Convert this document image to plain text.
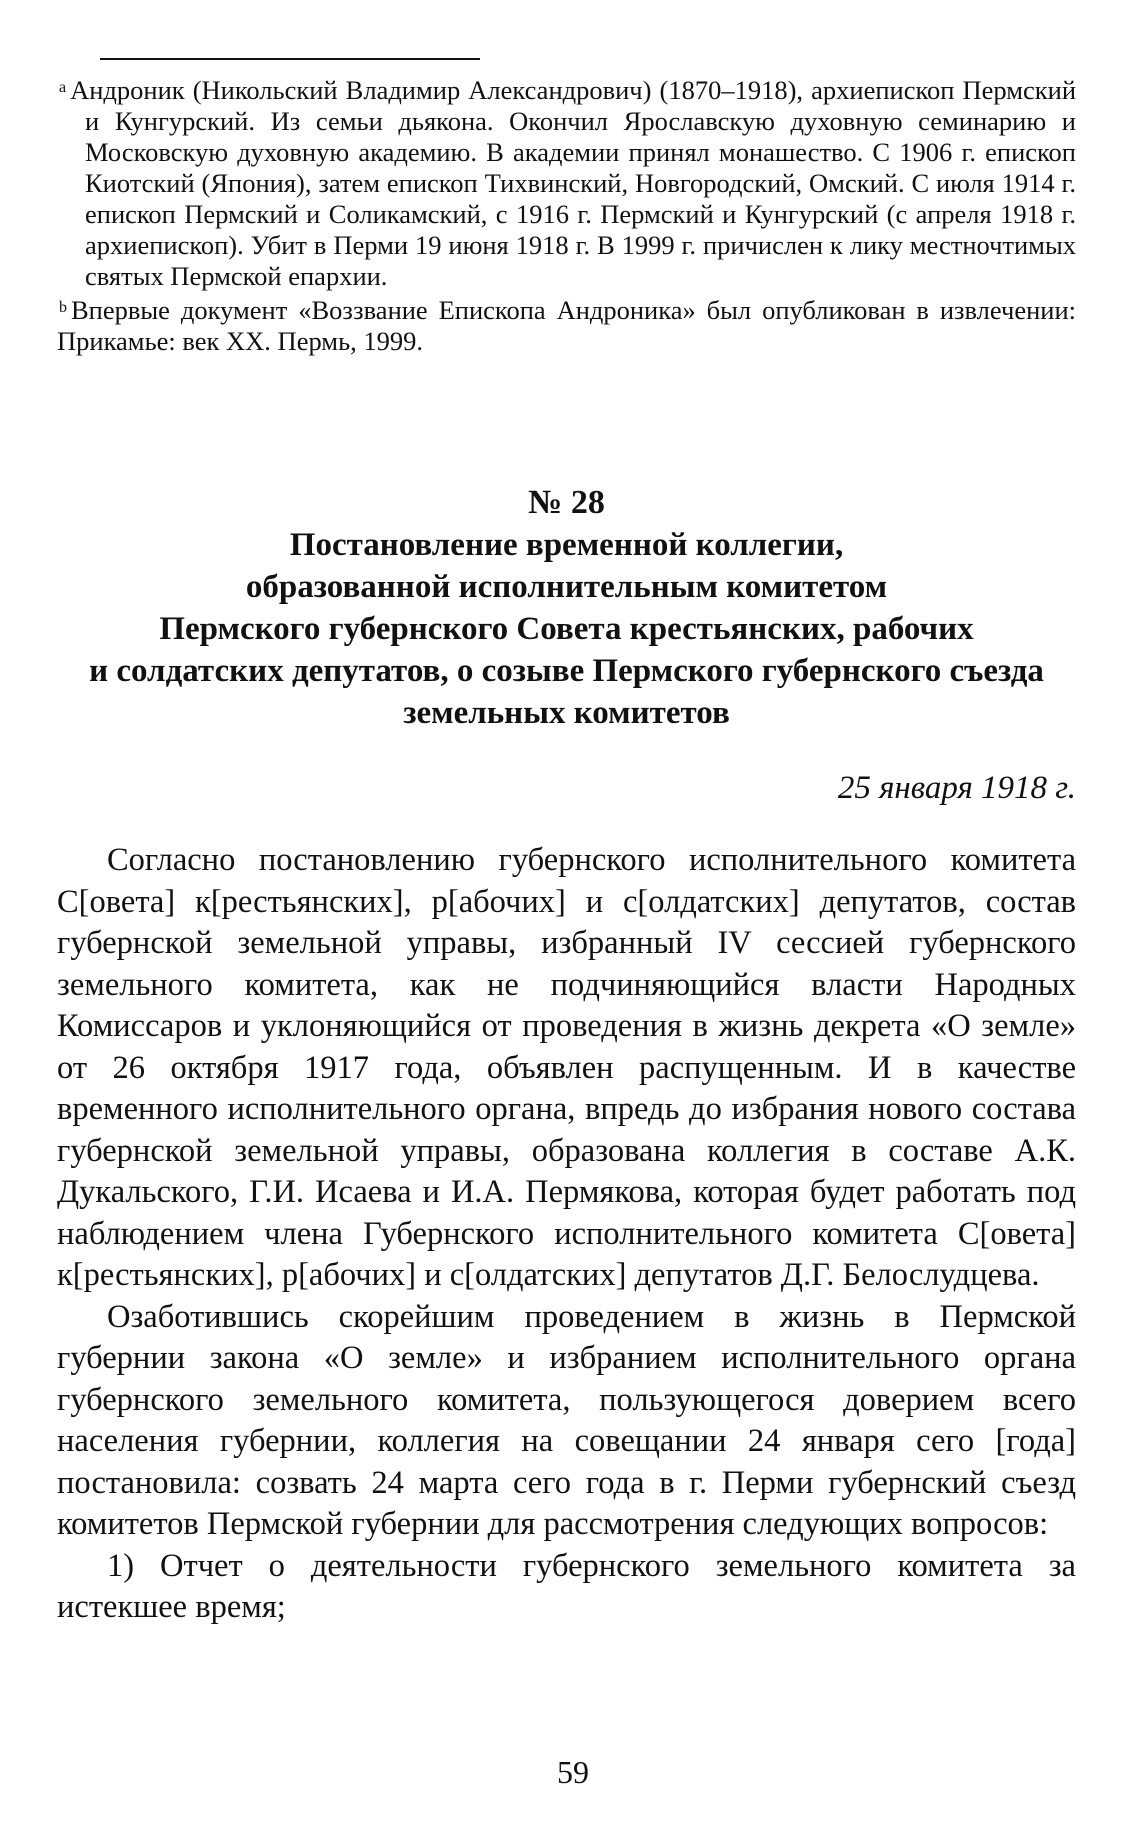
$^a$ Андроник (Никольский Владимир Александрович) (1870–1918), архиепископ Пермский и Кунгурский. Из семьи дьякона. Окончил Ярославскую духовную семинарию и Московскую духовную академию. В академии принял монашество. С 1906 г. епископ Киотский (Япония), затем епископ Тихвинский, Новгородский, Омский. С июля 1914 г. епископ Пермский и Соликамский, с 1916 г. Пермский и Кунгурский (с апреля 1918 г. архиепископ). Убит в Перми 19 июня 1918 г. В 1999 г. причислен к лику местночтимых святых Пермской епархии.

$^b$ Впервые документ «Воззвание Епископа Андроника» был опубликован в извлечении: Прикамье: век XX. Пермь, 1999.

№ 28
Постановление временной коллегии,
образованной исполнительным комитетом
Пермского губернского Совета крестьянских, рабочих
и солдатских депутатов, о созыве Пермского губернского съезда
земельных комитетов
25 января 1918 г.

Согласно постановлению губернского исполнительного комитета С[овета] к[рестьянских], р[абочих] и с[олдатских] депутатов, состав губернской земельной управы, избранный IV сессией губернского земельного комитета, как не подчиняющийся власти Народных Комиссаров и уклоняющийся от проведения в жизнь декрета «О земле» от 26 октября 1917 года, объявлен распущенным. И в качестве временного исполнительного органа, впредь до избрания нового состава губернской земельной управы, образована коллегия в составе А.К. Дукальского, Г.И. Исаева и И.А. Пермякова, которая будет работать под наблюдением члена Губернского исполнительного комитета С[овета] к[рестьянских], р[абочих] и с[олдатских] депутатов Д.Г. Белослудцева.

Озаботившись скорейшим проведением в жизнь в Пермской губернии закона «О земле» и избранием исполнительного органа губернского земельного комитета, пользующегося доверием всего населения губернии, коллегия на совещании 24 января сего [года] постановила: созвать 24 марта сего года в г. Перми губернский съезд комитетов Пермской губернии для рассмотрения следующих вопросов:

1) Отчет о деятельности губернского земельного комитета за истекшее время;

59
